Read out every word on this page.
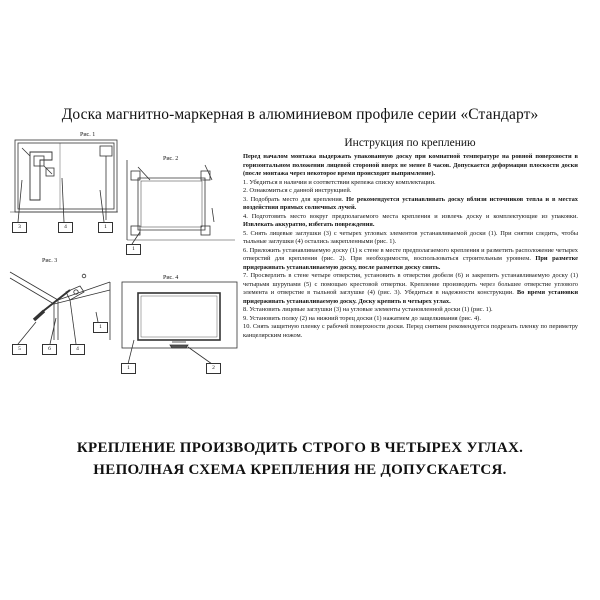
Доска магнитно-маркерная в алюминиевом профиле серии «Стандарт»
Рис. 1
3	4	1
Рис. 2
1
Рис. 3
5	6	4
1
Рис. 4
1	2
Инструкция по креплению

Перед началом монтажа выдержать упакованную доску при комнатной температуре на ровной поверхности в горизонтальном положении лицевой стороной вверх не менее 8 часов. Допускается деформация плоскости доски (после монтажа через некоторое время происходит выпрямление).

1. Убедиться в наличии и соответствии крепежа списку комплектации.

2. Ознакомиться с данной инструкцией.

3. Подобрать место для крепления. Не рекомендуется устанавливать доску вблизи источников тепла и в местах воздействия прямых солнечных лучей.

4. Подготовить место вокруг предполагаемого места крепления и извлечь доску и комплектующие из упаковки. Извлекать аккуратно, избегать повреждения.

5. Снять лицевые заглушки (3) с четырех угловых элементов устанавливаемой доски (1). При снятии следить, чтобы тыльные заглушки (4) остались закрепленными (рис. 1).

6. Приложить устанавливаемую доску (1) к стене в месте предполагаемого крепления и разметить расположение четырех отверстий для крепления (рис. 2). При необходимости, воспользоваться строительным уровнем. При разметке придерживать устанавливаемую доску, после разметки доску снять.

7. Просверлить в стене четыре отверстия, установить в отверстия дюбеля (6) и закрепить устанавливаемую доску (1) четырьмя шурупами (5) с помощью крестовой отвертки. Крепление производить через большее отверстие углового элемента и отверстие в тыльной заглушке (4) (рис. 3). Убедиться в надежности конструкции. Во время установки придерживать устанавливаемую доску. Доску крепить в четырех углах.

8. Установить лицевые заглушки (3) на угловые элементы установленной доски (1) (рис. 1).

9. Установить полку (2) на нижний торец доски (1) нажатием до защелкивания (рис. 4).

10. Снять защитную пленку с рабочей поверхности доски. Перед снятием рекомендуется подрезать пленку по периметру канцелярским ножом.

КРЕПЛЕНИЕ ПРОИЗВОДИТЬ СТРОГО В ЧЕТЫРЕХ УГЛАХ.
НЕПОЛНАЯ СХЕМА КРЕПЛЕНИЯ НЕ ДОПУСКАЕТСЯ.
